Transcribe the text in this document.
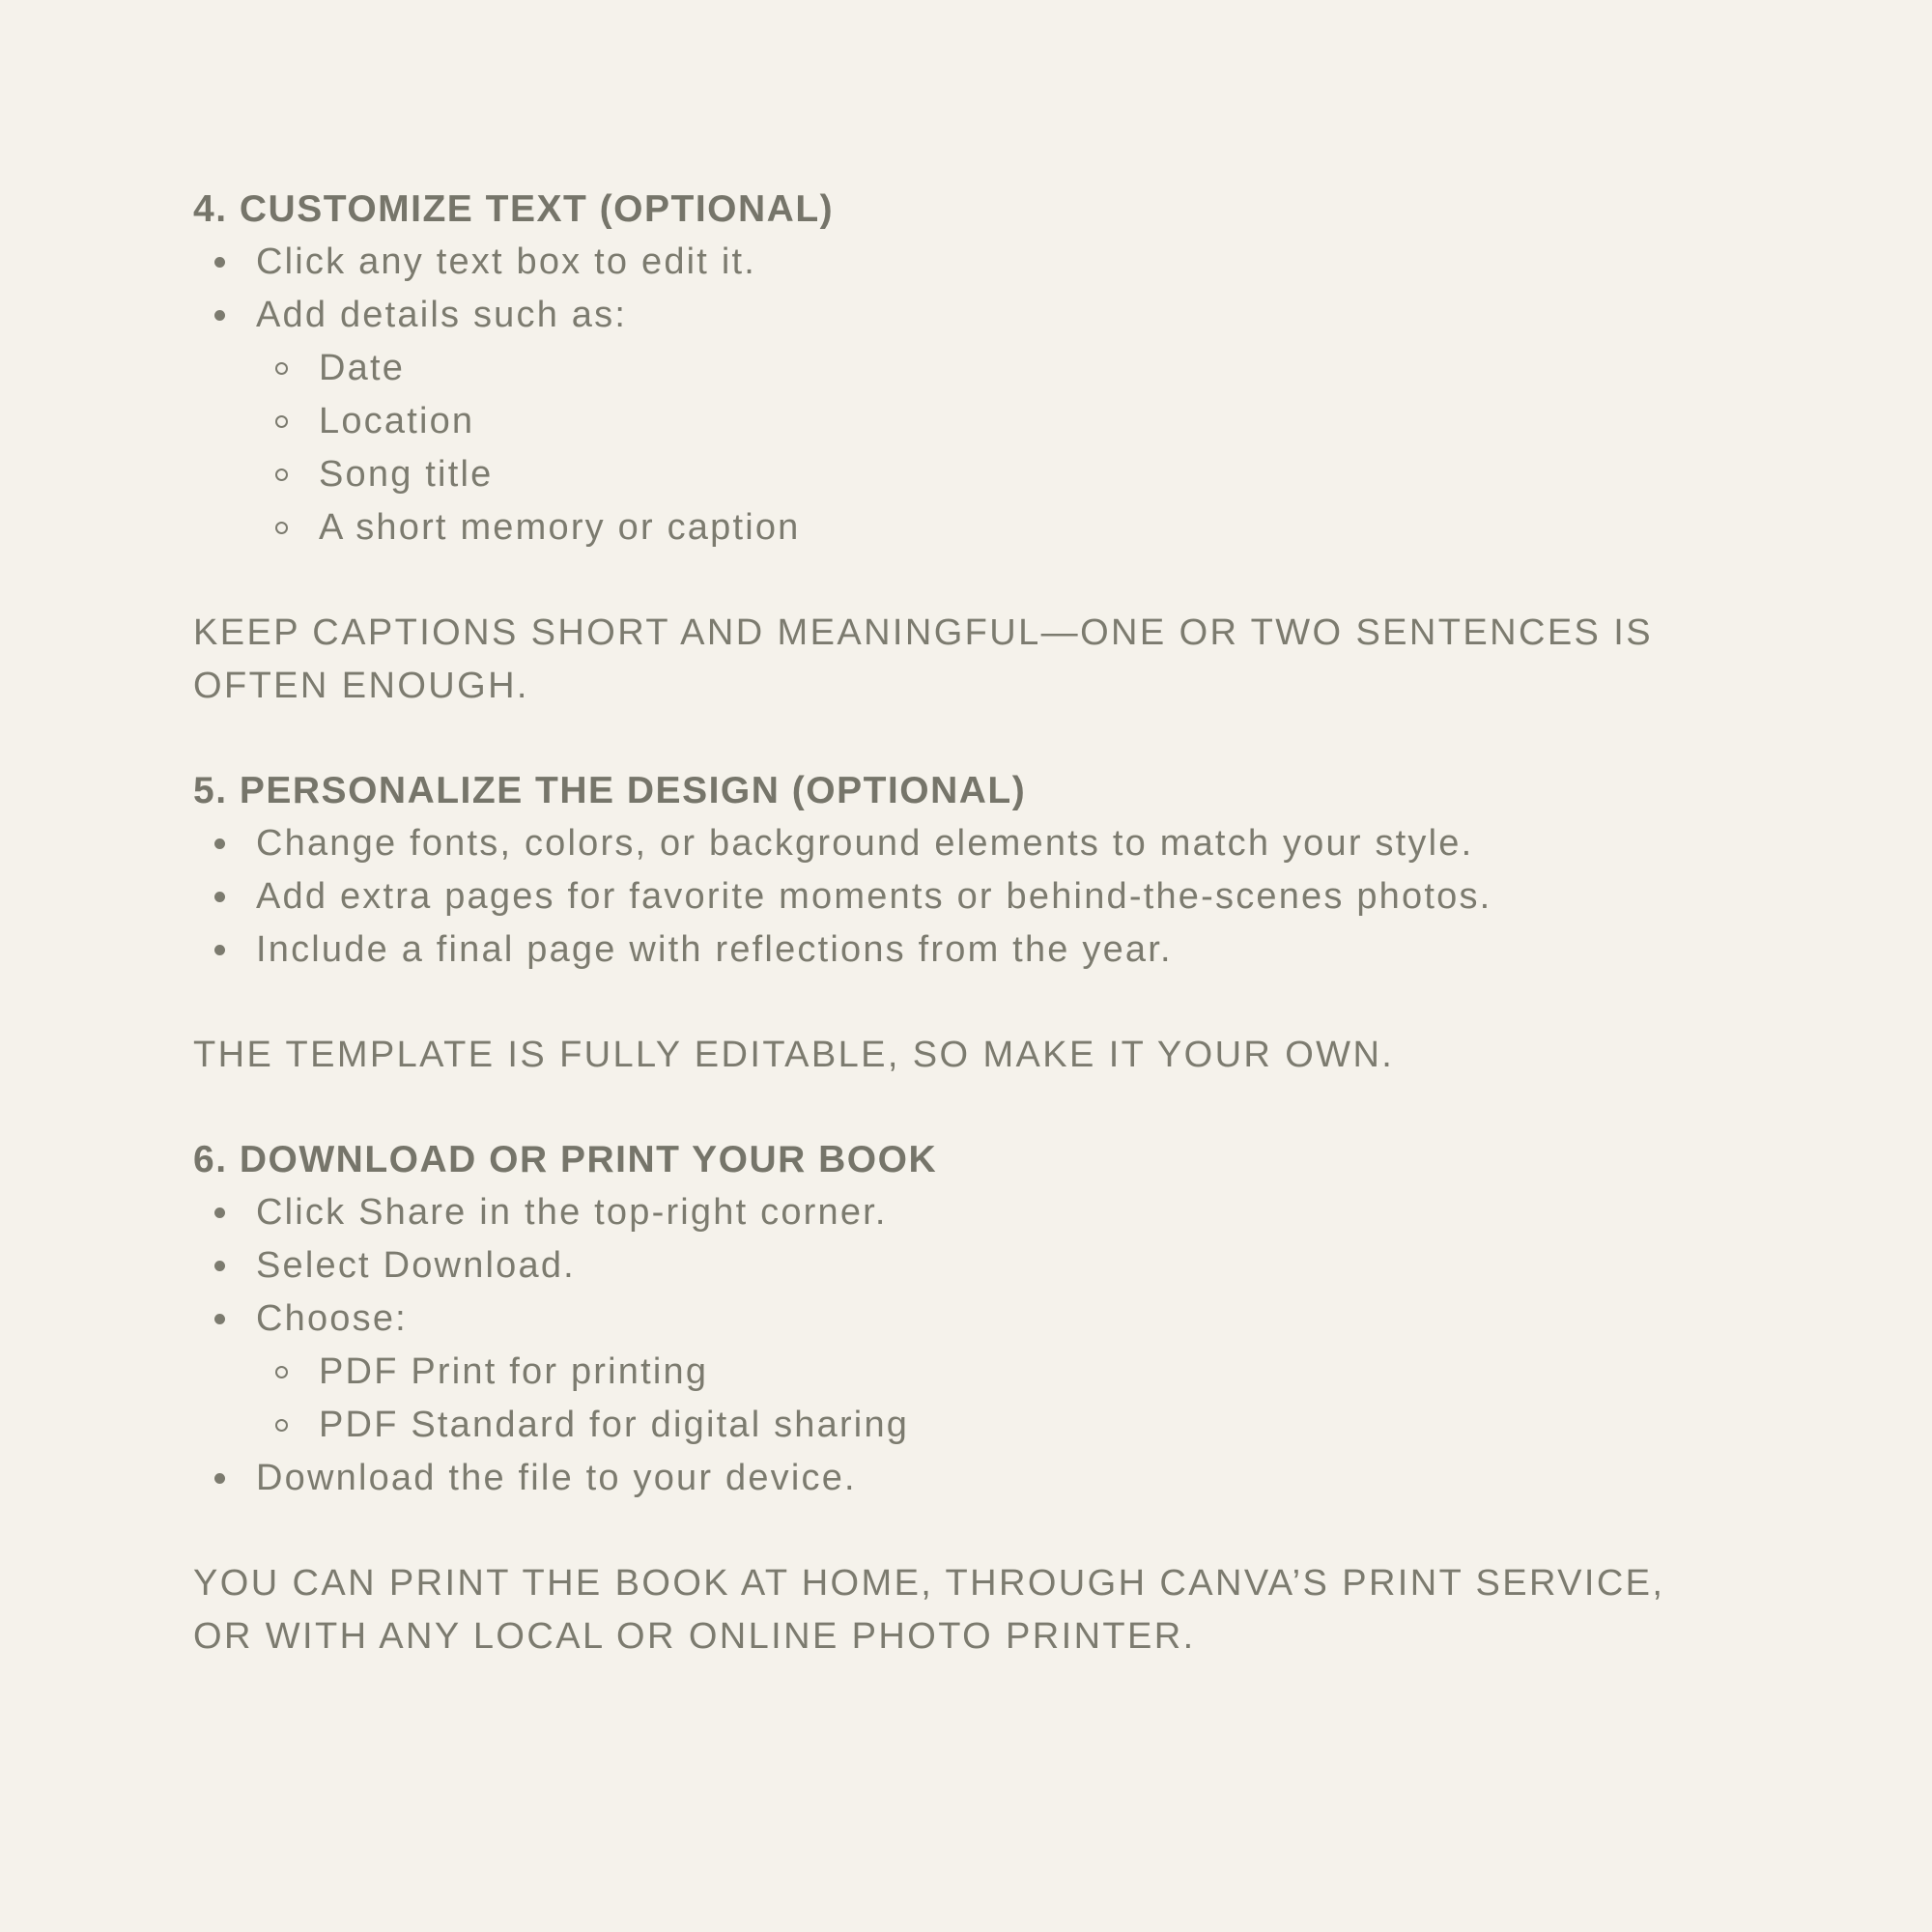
4. CUSTOMIZE TEXT (OPTIONAL)
Click any text box to edit it.
Add details such as:
Date
Location
Song title
A short memory or caption

KEEP CAPTIONS SHORT AND MEANINGFUL—ONE OR TWO SENTENCES IS
OFTEN ENOUGH.

5. PERSONALIZE THE DESIGN (OPTIONAL)
Change fonts, colors, or background elements to match your style.
Add extra pages for favorite moments or behind-the-scenes photos.
Include a final page with reflections from the year.

THE TEMPLATE IS FULLY EDITABLE, SO MAKE IT YOUR OWN.

6. DOWNLOAD OR PRINT YOUR BOOK
Click Share in the top-right corner.
Select Download.
Choose:
PDF Print for printing
PDF Standard for digital sharing
Download the file to your device.

YOU CAN PRINT THE BOOK AT HOME, THROUGH CANVA’S PRINT SERVICE,
OR WITH ANY LOCAL OR ONLINE PHOTO PRINTER.
